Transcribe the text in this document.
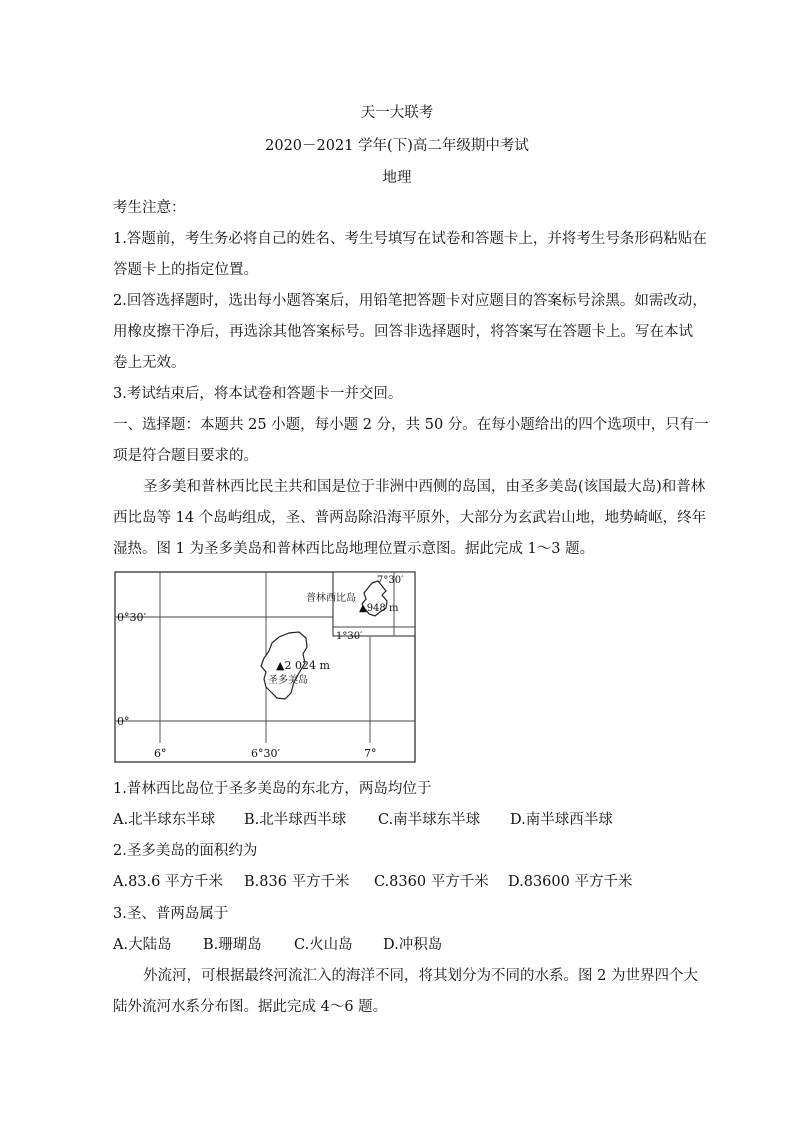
天一大联考
2020－2021 学年(下)高二年级期中考试
地理
考生注意：
1.答题前，考生务必将自己的姓名、考生号填写在试卷和答题卡上，并将考生号条形码粘贴在
答题卡上的指定位置。
2.回答选择题时，选出每小题答案后，用铅笔把答题卡对应题目的答案标号涂黑。如需改动，
用橡皮擦干净后，再选涂其他答案标号。回答非选择题时，将答案写在答题卡上。写在本试
卷上无效。
3.考试结束后，将本试卷和答题卡一并交回。
一、选择题：本题共 25 小题，每小题 2 分，共 50 分。在每小题给出的四个选项中，只有一
项是符合题目要求的。
圣多美和普林西比民主共和国是位于非洲中西侧的岛国，由圣多美岛(该国最大岛)和普林
西比岛等 14 个岛屿组成，圣、普两岛除沿海平原外，大部分为玄武岩山地，地势崎岖，终年
湿热。图 1 为圣多美岛和普林西比岛地理位置示意图。据此完成 1～3 题。
0°30′
0°
6°	6°30′	7°
7°30′
1°30′
普林西比岛
▲948 m
▲2 024 m
圣多美岛
1.普林西比岛位于圣多美岛的东北方，两岛均位于
A.北半球东半球 B.北半球西半球 C.南半球东半球 D.南半球西半球
2.圣多美岛的面积约为
A.83.6 平方千米 B.836 平方千米 C.8360 平方千米 D.83600 平方千米
3.圣、普两岛属于
A.大陆岛 B.珊瑚岛 C.火山岛 D.冲积岛
外流河，可根据最终河流汇入的海洋不同，将其划分为不同的水系。图 2 为世界四个大
陆外流河水系分布图。据此完成 4～6 题。
